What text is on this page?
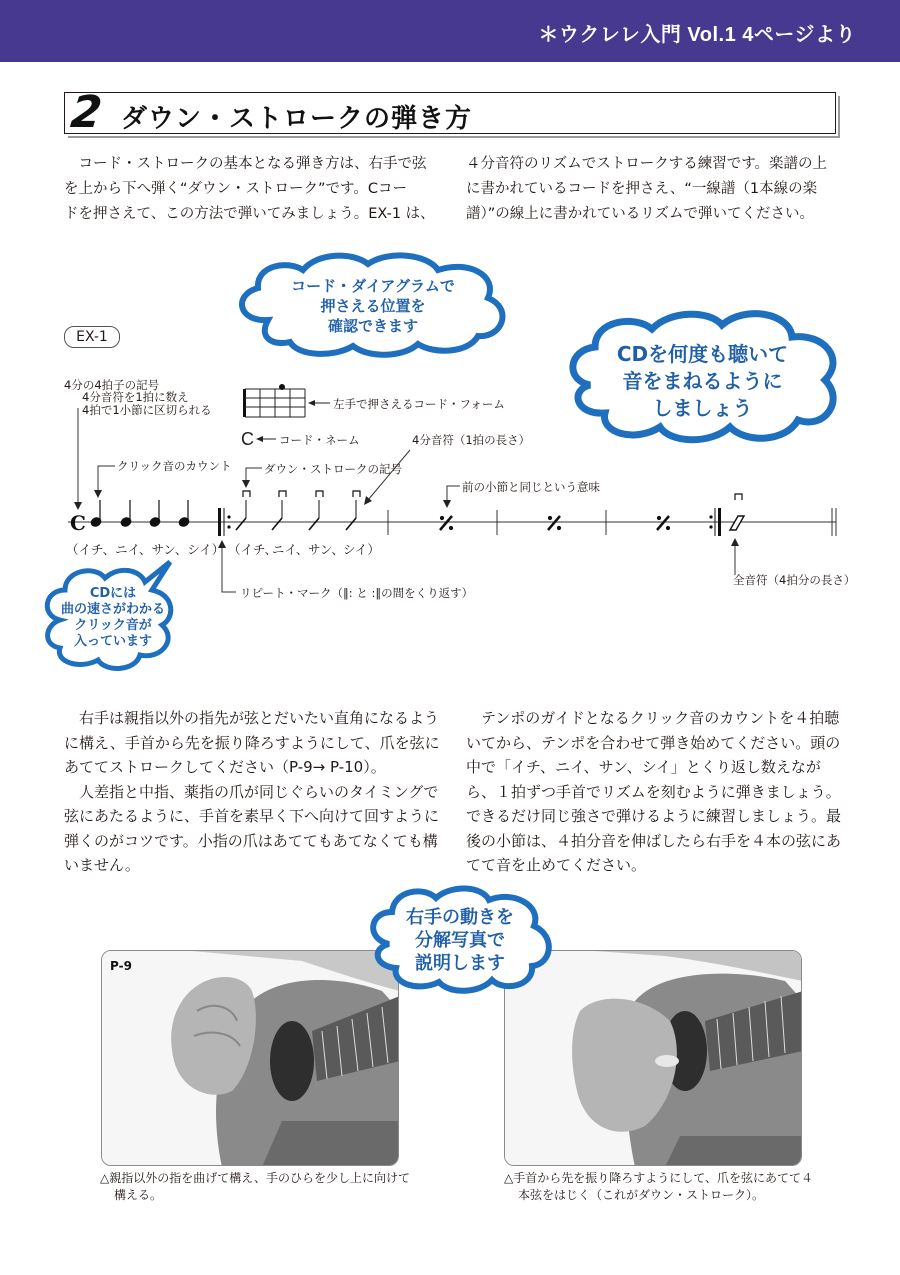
＊ウクレレ入門 Vol.1 4ページより
2 ダウン・ストロークの弾き方

　コード・ストロークの基本となる弾き方は、右手で弦

を上から下へ弾く“ダウン・ストローク”です。Cコー

ドを押さえて、この方法で弾いてみましょう。EX-1 は、

４分音符のリズムでストロークする練習です。楽譜の上

に書かれているコードを押さえ、“一線譜（1本線の楽

譜）”の線上に書かれているリズムで弾いてください。

コード・ダイアグラムで
押さえる位置を
確認できます
CDを何度も聴いて
音をまねるように
しましょう
CDには
曲の速さがわかる
クリック音が
入っています
EX-1
C
C
4分の4拍子の記号
4分音符を1拍に数え
4拍で1小節に区切られる	左手で押さえるコード・フォーム
コード・ネーム	4分音符（1拍の長さ）
ダウン・ストロークの記号
クリック音のカウント
前の小節と同じという意味
リピート・マーク（‖: と :‖の間をくり返す）
全音符（4拍分の長さ）
（イチ、ニイ、サン、シイ） （イチ、
ニイ、 サン、 シイ）

右手は親指以外の指先が弦とだいたい直角になるように構え、手首から先を振り降ろすようにして、爪を弦にあててストロークしてください（P-9→ P-10）。

人差指と中指、薬指の爪が同じぐらいのタイミングで弦にあたるように、手首を素早く下へ向けて回すように弾くのがコツです。小指の爪はあててもあてなくても構いません。

テンポのガイドとなるクリック音のカウントを４拍聴いてから、テンポを合わせて弾き始めてください。頭の中で「イチ、ニイ、サン、シイ」とくり返し数えながら、１拍ずつ手首でリズムを刻むように弾きましょう。できるだけ同じ強さで弾けるように練習しましょう。最後の小節は、４拍分音を伸ばしたら右手を４本の弦にあてて音を止めてください。

P-9
右手の動きを
分解写真で
説明します
△親指以外の指を曲げて構え、手のひらを少し上に向けて
構える。
△手首から先を振り降ろすようにして、爪を弦にあてて４
本弦をはじく（これがダウン・ストローク）。
